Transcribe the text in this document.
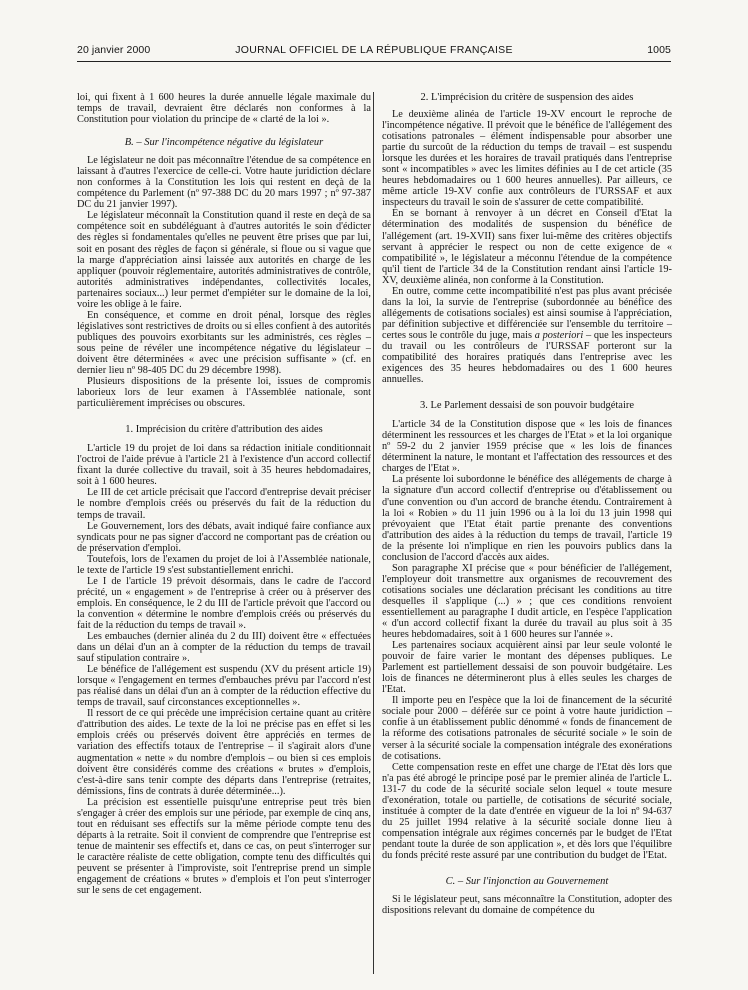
20 janvier 2000	JOURNAL OFFICIEL DE LA RÉPUBLIQUE FRANÇAISE	1005

loi, qui fixent à 1 600 heures la durée annuelle légale maximale du temps de travail, devraient être déclarés non conformes à la Constitution pour violation du principe de « clarté de la loi ».

B. – Sur l'incompétence négative du législateur

Le législateur ne doit pas méconnaître l'étendue de sa compétence en laissant à d'autres l'exercice de celle-ci. Votre haute juridiction déclare non conformes à la Constitution les lois qui restent en deçà de la compétence du Parlement (nº 97-388 DC du 20 mars 1997 ; nº 97-387 DC du 21 janvier 1997).

Le législateur méconnaît la Constitution quand il reste en deçà de sa compétence soit en subdéléguant à d'autres autorités le soin d'édicter des règles si fondamentales qu'elles ne peuvent être prises que par lui, soit en posant des règles de façon si générale, si floue ou si vague que la marge d'appréciation ainsi laissée aux autorités en charge de les appliquer (pouvoir réglementaire, autorités administratives de contrôle, autorités administratives indépendantes, collectivités locales, partenaires sociaux...) leur permet d'empiéter sur le domaine de la loi, voire les oblige à le faire.

En conséquence, et comme en droit pénal, lorsque des règles législatives sont restrictives de droits ou si elles confient à des autorités publiques des pouvoirs exorbitants sur les administrés, ces règles – sous peine de révéler une incompétence négative du législateur – doivent être déterminées « avec une précision suffisante » (cf. en dernier lieu nº 98-405 DC du 29 décembre 1998).

Plusieurs dispositions de la présente loi, issues de compromis laborieux lors de leur examen à l'Assemblée nationale, sont particulièrement imprécises ou obscures.

1. Imprécision du critère d'attribution des aides

L'article 19 du projet de loi dans sa rédaction initiale conditionnait l'octroi de l'aide prévue à l'article 21 à l'existence d'un accord collectif fixant la durée collective du travail, soit à 35 heures hebdomadaires, soit à 1 600 heures.

Le III de cet article précisait que l'accord d'entreprise devait préciser le nombre d'emplois créés ou préservés du fait de la réduction du temps de travail.

Le Gouvernement, lors des débats, avait indiqué faire confiance aux syndicats pour ne pas signer d'accord ne comportant pas de création ou de préservation d'emploi.

Toutefois, lors de l'examen du projet de loi à l'Assemblée nationale, le texte de l'article 19 s'est substantiellement enrichi.

Le I de l'article 19 prévoit désormais, dans le cadre de l'accord précité, un « engagement » de l'entreprise à créer ou à préserver des emplois. En conséquence, le 2 du III de l'article prévoit que l'accord ou la convention « détermine le nombre d'emplois créés ou préservés du fait de la réduction du temps de travail ».

Les embauches (dernier alinéa du 2 du III) doivent être « effectuées dans un délai d'un an à compter de la réduction du temps de travail sauf stipulation contraire ».

Le bénéfice de l'allégement est suspendu (XV du présent article 19) lorsque « l'engagement en termes d'embauches prévu par l'accord n'est pas réalisé dans un délai d'un an à compter de la réduction effective du temps de travail, sauf circonstances exceptionnelles ».

Il ressort de ce qui précède une imprécision certaine quant au critère d'attribution des aides. Le texte de la loi ne précise pas en effet si les emplois créés ou préservés doivent être appréciés en termes de variation des effectifs totaux de l'entreprise – il s'agirait alors d'une augmentation « nette » du nombre d'emplois – ou bien si ces emplois doivent être considérés comme des créations « brutes » d'emplois, c'est-à-dire sans tenir compte des départs dans l'entreprise (retraites, démissions, fins de contrats à durée déterminée...).

La précision est essentielle puisqu'une entreprise peut très bien s'engager à créer des emplois sur une période, par exemple de cinq ans, tout en réduisant ses effectifs sur la même période compte tenu des départs à la retraite. Soit il convient de comprendre que l'entreprise est tenue de maintenir ses effectifs et, dans ce cas, on peut s'interroger sur le caractère réaliste de cette obligation, compte tenu des difficultés qui peuvent se présenter à l'improviste, soit l'entreprise prend un simple engagement de créations « brutes » d'emplois et l'on peut s'interroger sur le sens de cet engagement.

2. L'imprécision du critère de suspension des aides

Le deuxième alinéa de l'article 19-XV encourt le reproche de l'incompétence négative. Il prévoit que le bénéfice de l'allégement des cotisations patronales – élément indispensable pour absorber une partie du surcoût de la réduction du temps de travail – est suspendu lorsque les durées et les horaires de travail pratiqués dans l'entreprise sont « incompatibles » avec les limites définies au I de cet article (35 heures hebdomadaires ou 1 600 heures annuelles). Par ailleurs, ce même article 19-XV confie aux contrôleurs de l'URSSAF et aux inspecteurs du travail le soin de s'assurer de cette compatibilité.

En se bornant à renvoyer à un décret en Conseil d'Etat la détermination des modalités de suspension du bénéfice de l'allégement (art. 19-XVII) sans fixer lui-même des critères objectifs servant à apprécier le respect ou non de cette exigence de « compatibilité », le législateur a méconnu l'étendue de la compétence qu'il tient de l'article 34 de la Constitution rendant ainsi l'article 19-XV, deuxième alinéa, non conforme à la Constitution.

En outre, comme cette incompatibilité n'est pas plus avant précisée dans la loi, la survie de l'entreprise (subordonnée au bénéfice des allégements de cotisations sociales) est ainsi soumise à l'appréciation, par définition subjective et différenciée sur l'ensemble du territoire – certes sous le contrôle du juge, mais a posteriori – que les inspecteurs du travail ou les contrôleurs de l'URSSAF porteront sur la compatibilité des horaires pratiqués dans l'entreprise avec les exigences des 35 heures hebdomadaires ou des 1 600 heures annuelles.

3. Le Parlement dessaisi de son pouvoir budgétaire

L'article 34 de la Constitution dispose que « les lois de finances déterminent les ressources et les charges de l'Etat » et la loi organique nº 59-2 du 2 janvier 1959 précise que « les lois de finances déterminent la nature, le montant et l'affectation des ressources et des charges de l'Etat ».

La présente loi subordonne le bénéfice des allégements de charge à la signature d'un accord collectif d'entreprise ou d'établissement ou d'une convention ou d'un accord de branche étendu. Contrairement à la loi « Robien » du 11 juin 1996 ou à la loi du 13 juin 1998 qui prévoyaient que l'Etat était partie prenante des conventions d'attribution des aides à la réduction du temps de travail, l'article 19 de la présente loi n'implique en rien les pouvoirs publics dans la conclusion de l'accord d'accès aux aides.

Son paragraphe XI précise que « pour bénéficier de l'allégement, l'employeur doit transmettre aux organismes de recouvrement des cotisations sociales une déclaration précisant les conditions au titre desquelles il s'applique (...) » ; que ces conditions renvoient essentiellement au paragraphe I dudit article, en l'espèce l'application « d'un accord collectif fixant la durée du travail au plus soit à 35 heures hebdomadaires, soit à 1 600 heures sur l'année ».

Les partenaires sociaux acquièrent ainsi par leur seule volonté le pouvoir de faire varier le montant des dépenses publiques. Le Parlement est partiellement dessaisi de son pouvoir budgétaire. Les lois de finances ne détermineront plus à elles seules les charges de l'Etat.

Il importe peu en l'espèce que la loi de financement de la sécurité sociale pour 2000 – déférée sur ce point à votre haute juridiction – confie à un établissement public dénommé « fonds de financement de la réforme des cotisations patronales de sécurité sociale » le soin de verser à la sécurité sociale la compensation intégrale des exonérations de cotisations.

Cette compensation reste en effet une charge de l'Etat dès lors que n'a pas été abrogé le principe posé par le premier alinéa de l'article L. 131-7 du code de la sécurité sociale selon lequel « toute mesure d'exonération, totale ou partielle, de cotisations de sécurité sociale, instituée à compter de la date d'entrée en vigueur de la loi nº 94-637 du 25 juillet 1994 relative à la sécurité sociale donne lieu à compensation intégrale aux régimes concernés par le budget de l'Etat pendant toute la durée de son application », et dès lors que l'équilibre du fonds précité reste assuré par une contribution du budget de l'Etat.

C. – Sur l'injonction au Gouvernement

Si le législateur peut, sans méconnaître la Constitution, adopter des dispositions relevant du domaine de compétence du
